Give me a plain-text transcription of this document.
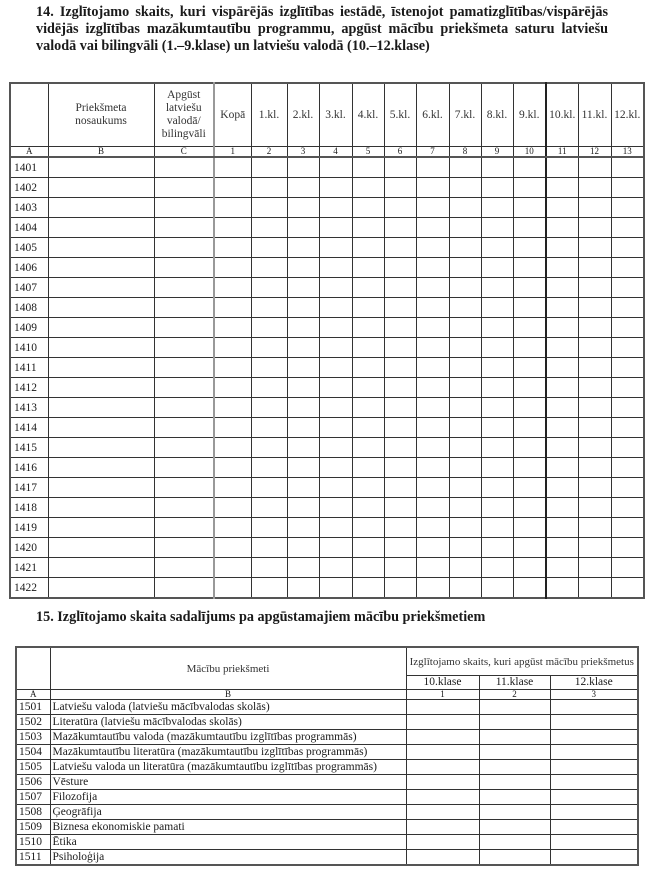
14. Izglītojamo skaits, kuri vispārējās izglītības iestādē, īstenojot pamatizglītības/vispārējās vidējās izglītības mazākumtautību programmu, apgūst mācību priekšmeta saturu latviešu valodā vai bilingvāli (1.–9.klase) un latviešu valodā (10.–12.klase)
	Priekšmeta nosaukums	Apgūst latviešu valodā/ bilingvāli	Kopā	1.kl.	2.kl.	3.kl.	4.kl.	5.kl.	6.kl.	7.kl.	8.kl.	9.kl.	10.kl.	11.kl.	12.kl.
A	B	C	1	2	3	4	5	6	7	8	9	10	11	12	13
1401															
1402															
1403															
1404															
1405															
1406															
1407															
1408															
1409															
1410															
1411															
1412															
1413															
1414															
1415															
1416															
1417															
1418															
1419															
1420															
1421															
1422															
15. Izglītojamo skaita sadalījums pa apgūstamajiem mācību priekšmetiem
	Mācību priekšmeti	Izglītojamo skaits, kuri apgūst mācību priekšmetus		
		10.klase	11.klase	12.klase
A	B	1	2	3
1501	Latviešu valoda (latviešu mācībvalodas skolās)			
1502	Literatūra (latviešu mācībvalodas skolās)			
1503	Mazākumtautību valoda (mazākumtautību izglītības programmās)			
1504	Mazākumtautību literatūra (mazākumtautību izglītības programmās)			
1505	Latviešu valoda un literatūra (mazākumtautību izglītības programmās)			
1506	Vēsture			
1507	Filozofija			
1508	Ģeogrāfija			
1509	Biznesa ekonomiskie pamati			
1510	Ētika			
1511	Psiholoģija			
